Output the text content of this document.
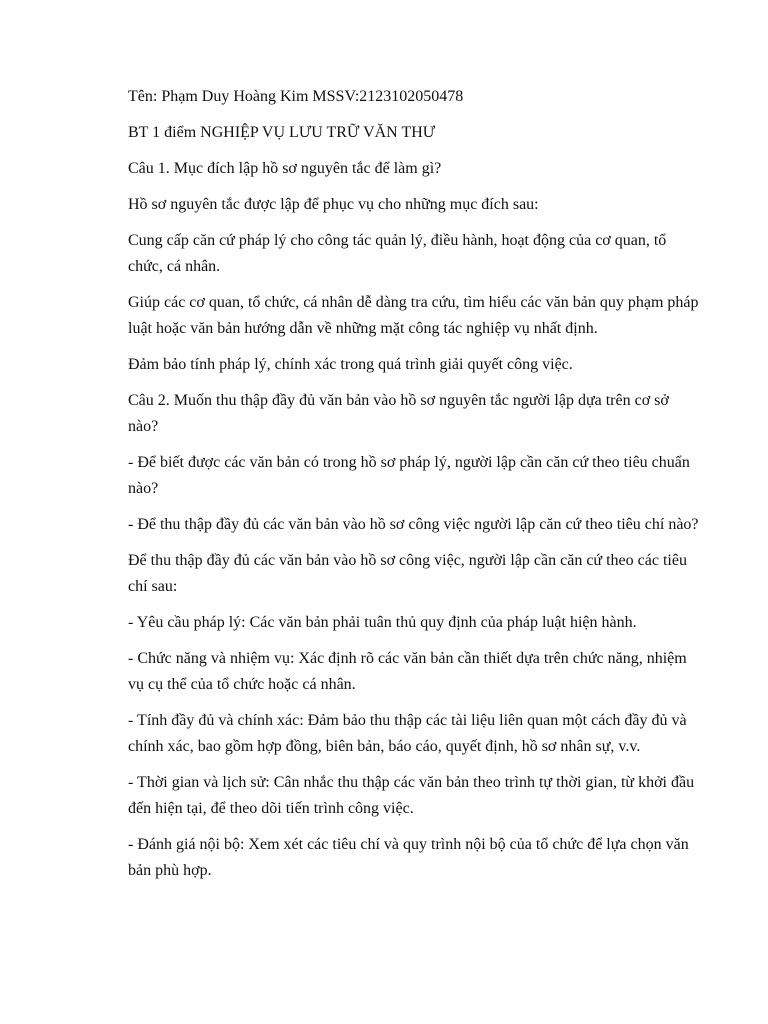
Tên: Phạm Duy Hoàng Kim MSSV:2123102050478

BT 1 điểm NGHIỆP VỤ LƯU TRỮ VĂN THƯ

Câu 1. Mục đích lập hồ sơ nguyên tắc để làm gì?

Hồ sơ nguyên tắc được lập để phục vụ cho những mục đích sau:

Cung cấp căn cứ pháp lý cho công tác quản lý, điều hành, hoạt động của cơ quan, tổ chức, cá nhân.

Giúp các cơ quan, tổ chức, cá nhân dễ dàng tra cứu, tìm hiểu các văn bản quy phạm pháp luật hoặc văn bản hướng dẫn về những mặt công tác nghiệp vụ nhất định.

Đảm bảo tính pháp lý, chính xác trong quá trình giải quyết công việc.

Câu 2. Muốn thu thập đầy đủ văn bản vào hồ sơ nguyên tắc người lập dựa trên cơ sở nào?

- Để biết được các văn bản có trong hồ sơ pháp lý, người lập cần căn cứ theo tiêu chuẩn nào?

- Để thu thập đầy đủ các văn bản vào hồ sơ công việc người lập căn cứ theo tiêu chí nào?

Để thu thập đầy đủ các văn bản vào hồ sơ công việc, người lập cần căn cứ theo các tiêu chí sau:

- Yêu cầu pháp lý: Các văn bản phải tuân thủ quy định của pháp luật hiện hành.

- Chức năng và nhiệm vụ: Xác định rõ các văn bản cần thiết dựa trên chức năng, nhiệm vụ cụ thể của tổ chức hoặc cá nhân.

- Tính đầy đủ và chính xác: Đảm bảo thu thập các tài liệu liên quan một cách đầy đủ và chính xác, bao gồm hợp đồng, biên bản, báo cáo, quyết định, hồ sơ nhân sự, v.v.

- Thời gian và lịch sử: Cân nhắc thu thập các văn bản theo trình tự thời gian, từ khởi đầu đến hiện tại, để theo dõi tiến trình công việc.

- Đánh giá nội bộ: Xem xét các tiêu chí và quy trình nội bộ của tổ chức để lựa chọn văn bản phù hợp.
